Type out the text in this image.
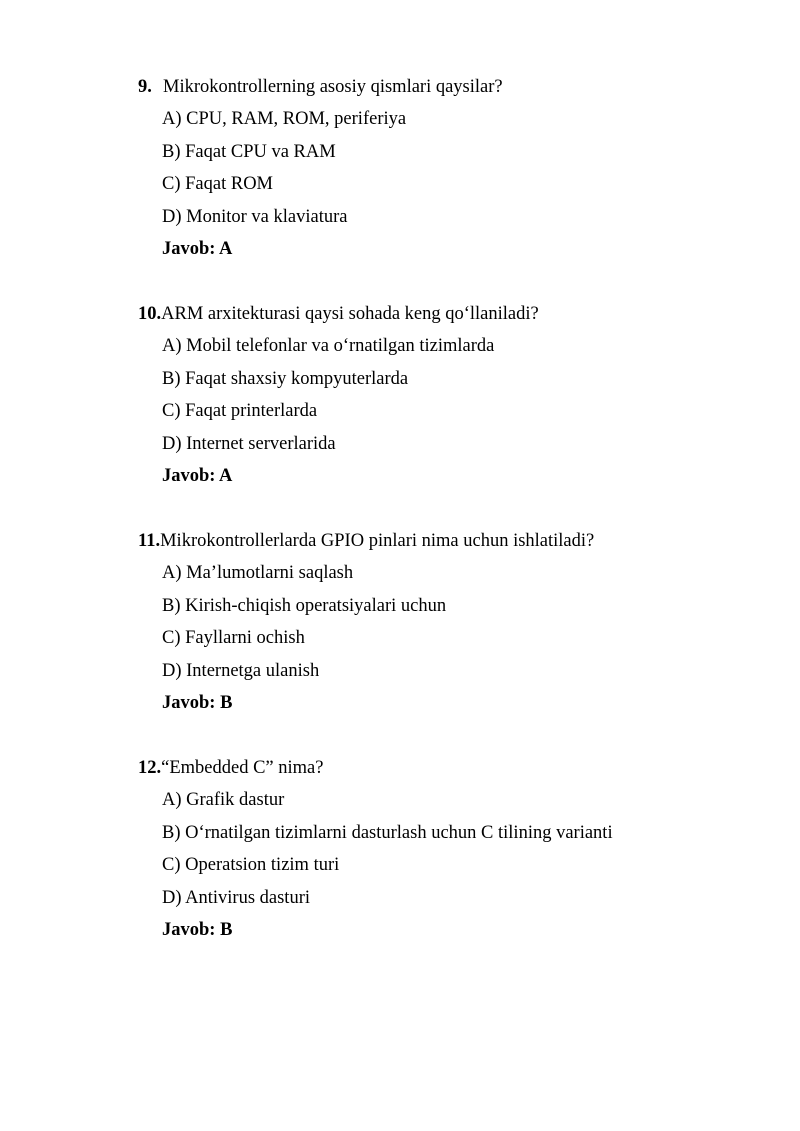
9. Mikrokontrollerning asosiy qismlari qaysilar?
A) CPU, RAM, ROM, periferiya
B) Faqat CPU va RAM
C) Faqat ROM
D) Monitor va klaviatura
Javob: A
10.ARM arxitekturasi qaysi sohada keng qo‘llaniladi?
A) Mobil telefonlar va o‘rnatilgan tizimlarda
B) Faqat shaxsiy kompyuterlarda
C) Faqat printerlarda
D) Internet serverlarida
Javob: A
11.Mikrokontrollerlarda GPIO pinlari nima uchun ishlatiladi?
A) Ma’lumotlarni saqlash
B) Kirish-chiqish operatsiyalari uchun
C) Fayllarni ochish
D) Internetga ulanish
Javob: B
12.“Embedded C” nima?
A) Grafik dastur
B) O‘rnatilgan tizimlarni dasturlash uchun C tilining varianti
C) Operatsion tizim turi
D) Antivirus dasturi
Javob: B
